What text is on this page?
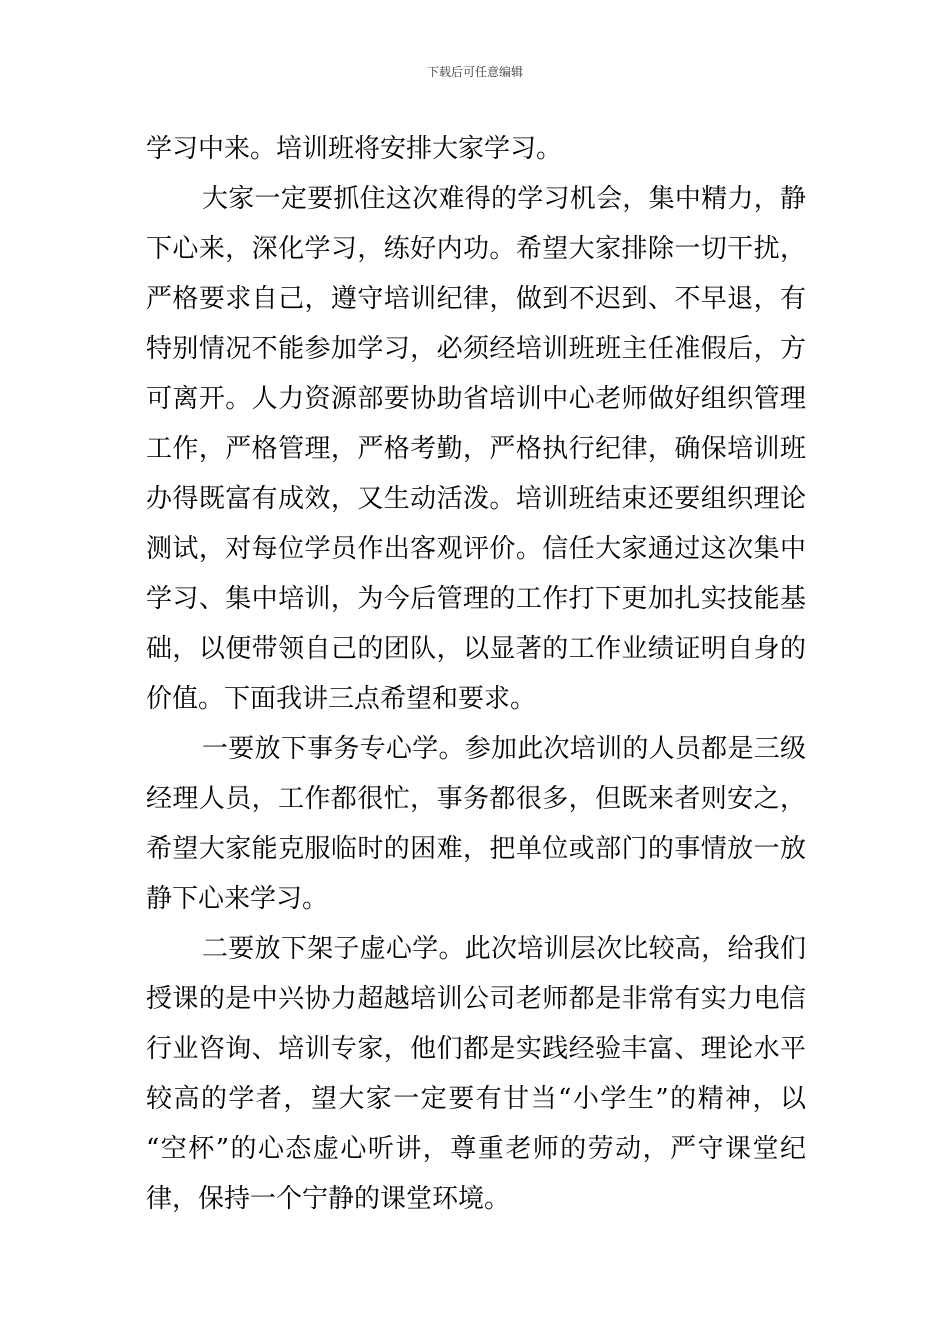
下载后可任意编辑
学习中来。培训班将安排大家学习。
大家一定要抓住这次难得的学习机会，集中精力，静
下心来，深化学习，练好内功。希望大家排除一切干扰，
严格要求自己，遵守培训纪律，做到不迟到、不早退，有
特别情况不能参加学习，必须经培训班班主任准假后，方
可离开。人力资源部要协助省培训中心老师做好组织管理
工作，严格管理，严格考勤，严格执行纪律，确保培训班
办得既富有成效，又生动活泼。培训班结束还要组织理论
测试，对每位学员作出客观评价。信任大家通过这次集中
学习、集中培训，为今后管理的工作打下更加扎实技能基
础，以便带领自己的团队，以显著的工作业绩证明自身的
价值。下面我讲三点希望和要求。
一要放下事务专心学。参加此次培训的人员都是三级
经理人员，工作都很忙，事务都很多，但既来者则安之，
希望大家能克服临时的困难，把单位或部门的事情放一放
静下心来学习。
二要放下架子虚心学。此次培训层次比较高，给我们
授课的是中兴协力超越培训公司老师都是非常有实力电信
行业咨询、培训专家，他们都是实践经验丰富、理论水平
较高的学者，望大家一定要有甘当“小学生”的精神，以
“空杯”的心态虚心听讲，尊重老师的劳动，严守课堂纪
律，保持一个宁静的课堂环境。
